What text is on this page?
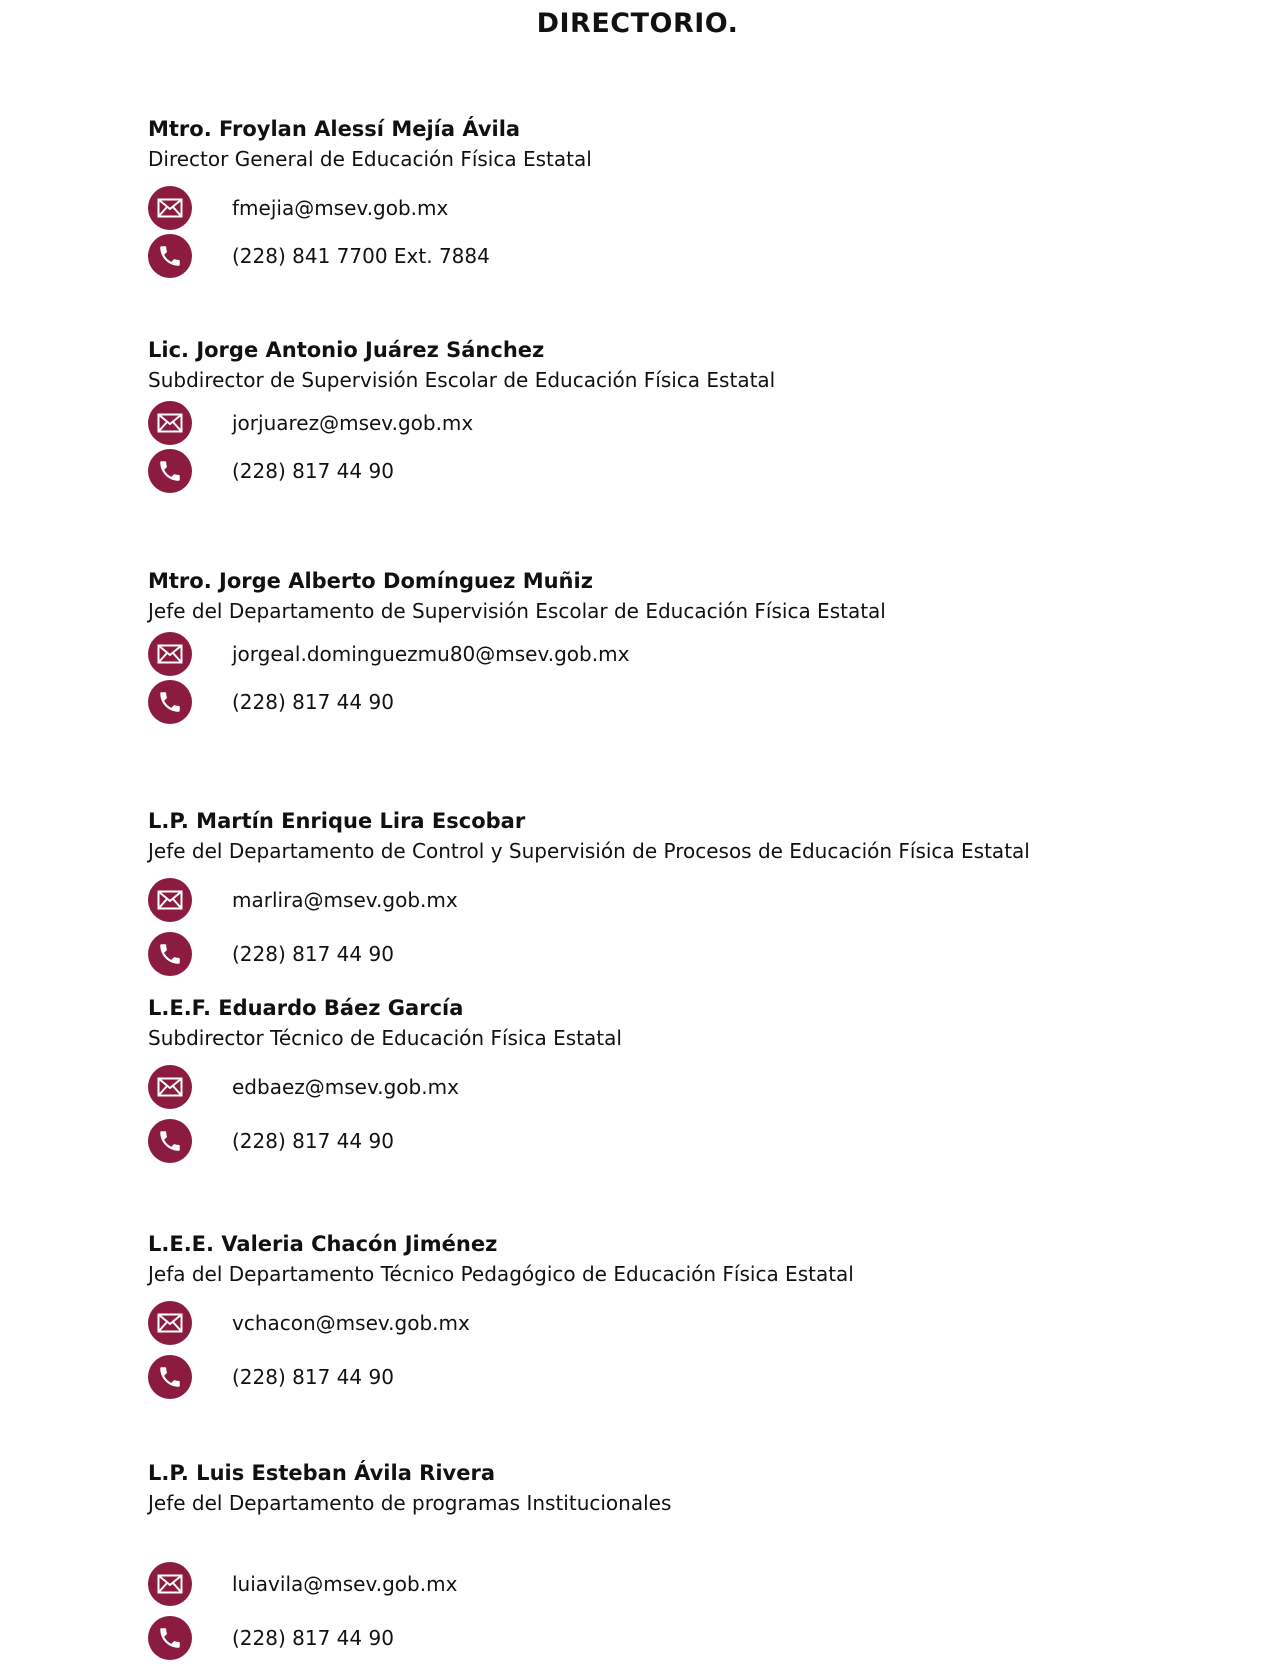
DIRECTORIO.
Mtro. Froylan Alessí Mejía Ávila
Director General de Educación Física Estatal
fmejia@msev.gob.mx
(228) 841 7700 Ext. 7884
Lic. Jorge Antonio Juárez Sánchez
Subdirector de Supervisión Escolar de Educación Física Estatal
jorjuarez@msev.gob.mx
(228) 817 44 90
Mtro. Jorge Alberto Domínguez Muñiz
Jefe del Departamento de Supervisión Escolar de Educación Física Estatal
jorgeal.dominguezmu80@msev.gob.mx
(228) 817 44 90
L.P. Martín Enrique Lira Escobar
Jefe del Departamento de Control y Supervisión de Procesos de Educación Física Estatal
marlira@msev.gob.mx
(228) 817 44 90
L.E.F. Eduardo Báez García
Subdirector Técnico de Educación Física Estatal
edbaez@msev.gob.mx
(228) 817 44 90
L.E.E. Valeria Chacón Jiménez
Jefa del Departamento Técnico Pedagógico de Educación Física Estatal
vchacon@msev.gob.mx
(228) 817 44 90
L.P. Luis Esteban Ávila Rivera
Jefe del Departamento de programas Institucionales
luiavila@msev.gob.mx
(228) 817 44 90
